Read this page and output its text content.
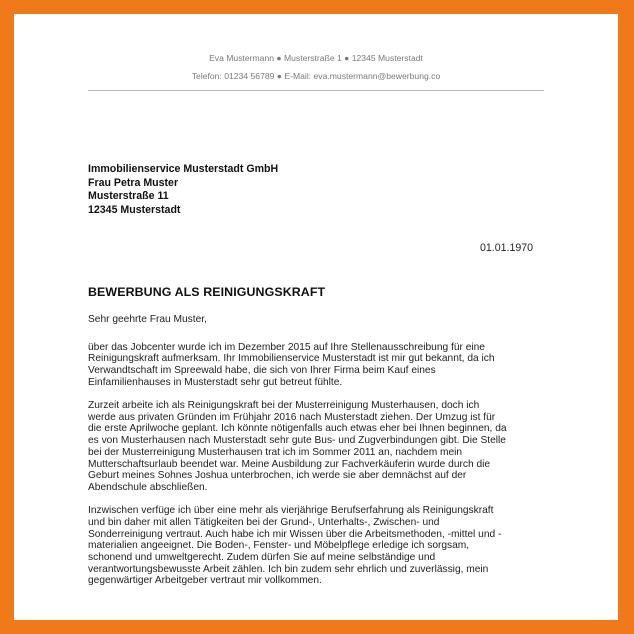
Eva Mustermann ● Musterstraße 1 ● 12345 Musterstadt
Telefon: 01234 56789 ● E-Mail: eva.mustermann@bewerbung.co
Immobilienservice Musterstadt GmbH
Frau Petra Muster
Musterstraße 11
12345 Musterstadt
01.01.1970
BEWERBUNG ALS REINIGUNGSKRAFT
Sehr geehrte Frau Muster,

über das Jobcenter wurde ich im Dezember 2015 auf Ihre Stellenausschreibung für eine
Reinigungskraft aufmerksam. Ihr Immobilienservice Musterstadt ist mir gut bekannt, da ich
Verwandtschaft im Spreewald habe, die sich von Ihrer Firma beim Kauf eines
Einfamilienhauses in Musterstadt sehr gut betreut fühlte.

Zurzeit arbeite ich als Reinigungskraft bei der Musterreinigung Musterhausen, doch ich
werde aus privaten Gründen im Frühjahr 2016 nach Musterstadt ziehen. Der Umzug ist für
die erste Aprilwoche geplant. Ich könnte nötigenfalls auch etwas eher bei Ihnen beginnen, da
es von Musterhausen nach Musterstadt sehr gute Bus- und Zugverbindungen gibt. Die Stelle
bei der Musterreinigung Musterhausen trat ich im Sommer 2011 an, nachdem mein
Mutterschaftsurlaub beendet war. Meine Ausbildung zur Fachverkäuferin wurde durch die
Geburt meines Sohnes Joshua unterbrochen, ich werde sie aber demnächst auf der
Abendschule abschließen.

Inzwischen verfüge ich über eine mehr als vierjährige Berufserfahrung als Reinigungskraft
und bin daher mit allen Tätigkeiten bei der Grund-, Unterhalts-, Zwischen- und
Sonderreinigung vertraut. Auch habe ich mir Wissen über die Arbeitsmethoden, -mittel und -
materialien angeeignet. Die Boden-, Fenster- und Möbelpflege erledige ich sorgsam,
schonend und umweltgerecht. Zudem dürfen Sie auf meine selbständige und
verantwortungsbewusste Arbeit zählen. Ich bin zudem sehr ehrlich und zuverlässig, mein
gegenwärtiger Arbeitgeber vertraut mir vollkommen.
